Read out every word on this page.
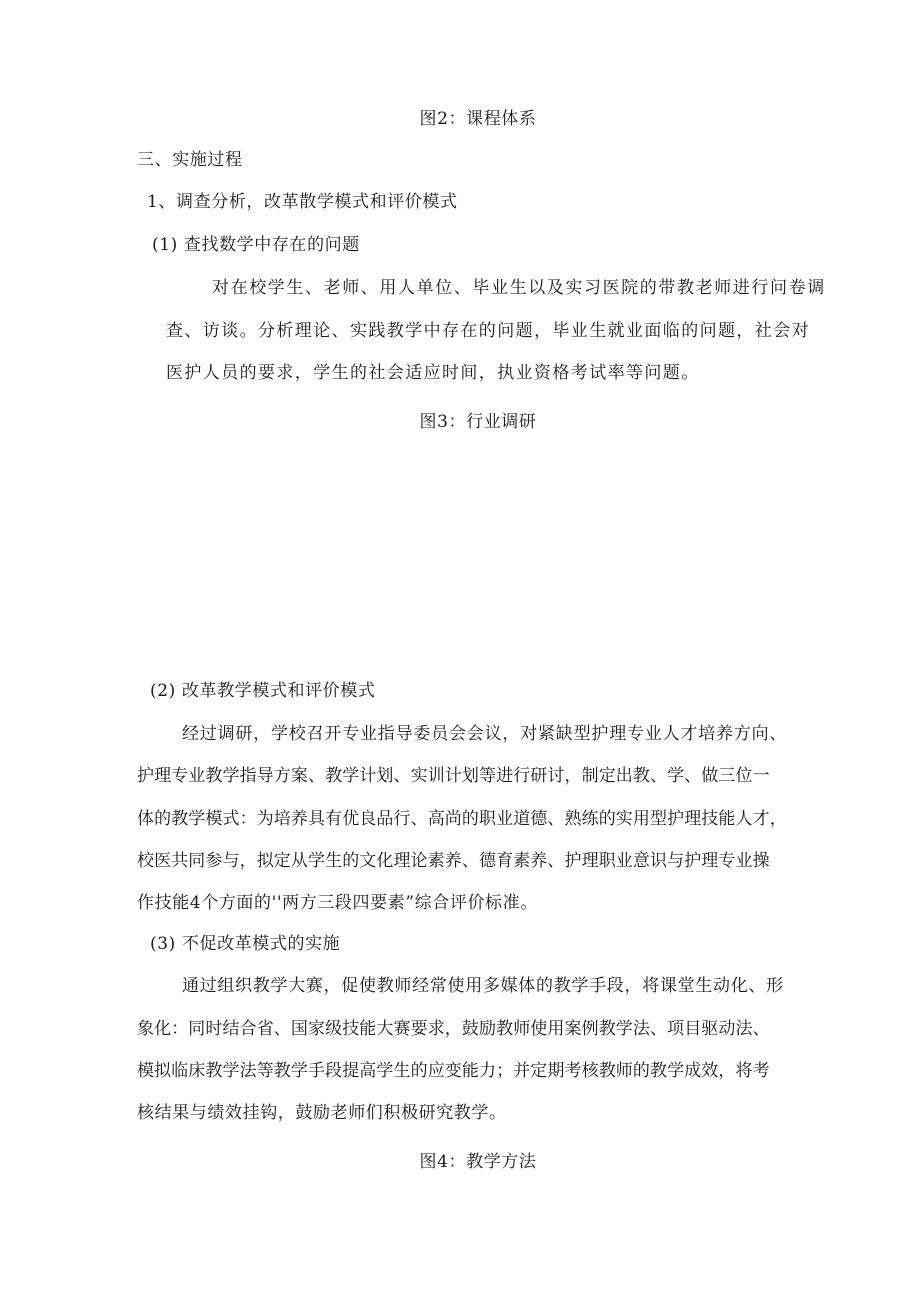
图2：课程体系
三、实施过程
1、调查分析，改革散学模式和评价模式
(1) 查找数学中存在的问题
对在校学生、老师、用人单位、毕业生以及实习医院的带教老师进行问卷调
查、访谈。分析理论、实践教学中存在的问题，毕业生就业面临的问题，社会对
医护人员的要求，学生的社会适应时间，执业资格考试率等问题。
图3：行业调研
(2) 改革教学模式和评价模式
经过调研，学校召开专业指导委员会会议，对紧缺型护理专业人才培养方向、
护理专业教学指导方案、教学计划、实训计划等进行研讨，制定出教、学、做三位一
体的教学模式：为培养具有优良品行、高尚的职业道德、熟练的实用型护理技能人才，
校医共同参与，拟定从学生的文化理论素养、德育素养、护理职业意识与护理专业操
作技能4个方面的''两方三段四要素”综合评价标准。
(3) 不促改革模式的实施
通过组织教学大赛，促使教师经常使用多媒体的教学手段，将课堂生动化、形
象化：同时结合省、国家级技能大赛要求，鼓励教师使用案例教学法、项目驱动法、
模拟临床教学法等教学手段提高学生的应变能力；并定期考核教师的教学成效，将考
核结果与绩效挂钩，鼓励老师们积极研究教学。
图4：教学方法
